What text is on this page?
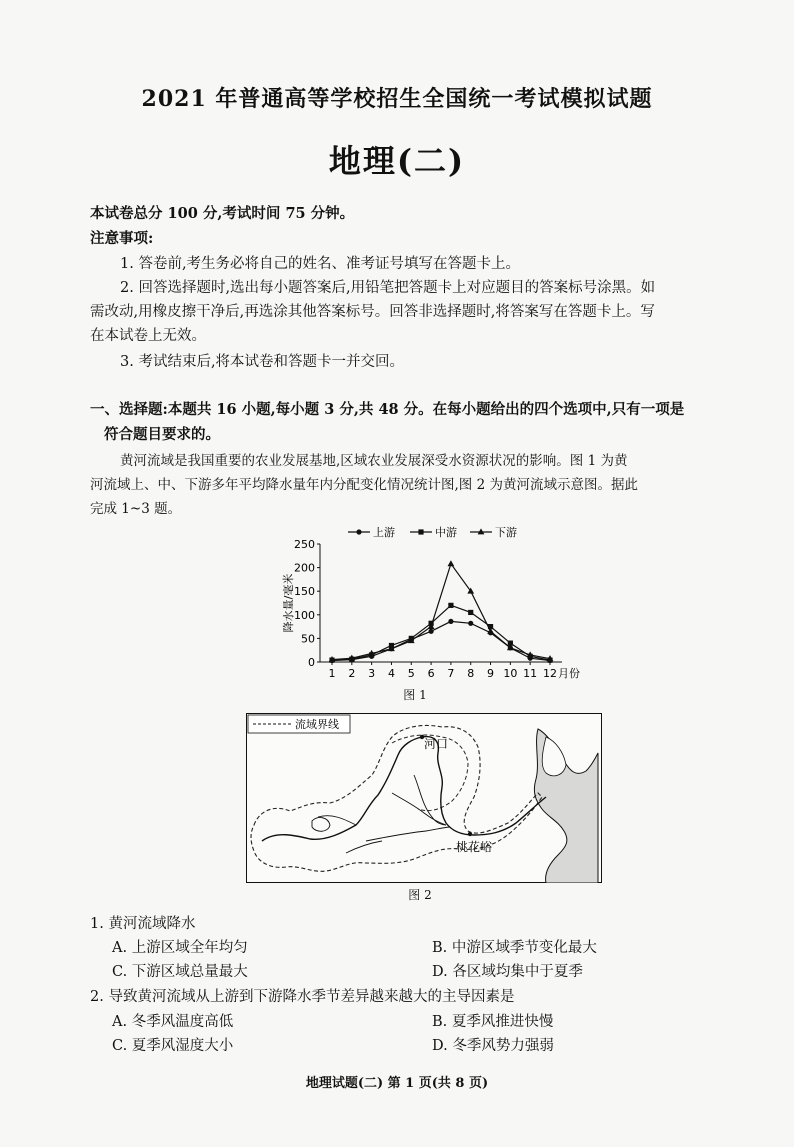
2021 年普通高等学校招生全国统一考试模拟试题
地理(二)
本试卷总分 100 分,考试时间 75 分钟。
注意事项:
1. 答卷前,考生务必将自己的姓名、准考证号填写在答题卡上。
2. 回答选择题时,选出每小题答案后,用铅笔把答题卡上对应题目的答案标号涂黑。如
需改动,用橡皮擦干净后,再选涂其他答案标号。回答非选择题时,将答案写在答题卡上。写
在本试卷上无效。
3. 考试结束后,将本试卷和答题卡一并交回。
一、选择题:本题共 16 小题,每小题 3 分,共 48 分。在每小题给出的四个选项中,只有一项是
符合题目要求的。
黄河流域是我国重要的农业发展基地,区域农业发展深受水资源状况的影响。图 1 为黄
河流域上、中、下游多年平均降水量年内分配变化情况统计图,图 2 为黄河流域示意图。据此
完成 1~3 题。
上游	中游	下游
0
50
100
150
200
250
1 2 3 4 5 6 7 8 9 10 11 12 月份
降水量/毫米
图 1
流域界线
河口
桃花峪
图 2
1. 黄河流域降水
A. 上游区域全年均匀	B. 中游区域季节变化最大
C. 下游区域总量最大	D. 各区域均集中于夏季
2. 导致黄河流域从上游到下游降水季节差异越来越大的主导因素是
A. 冬季风温度高低	B. 夏季风推进快慢
C. 夏季风湿度大小	D. 冬季风势力强弱
地理试题(二) 第 1 页(共 8 页)
